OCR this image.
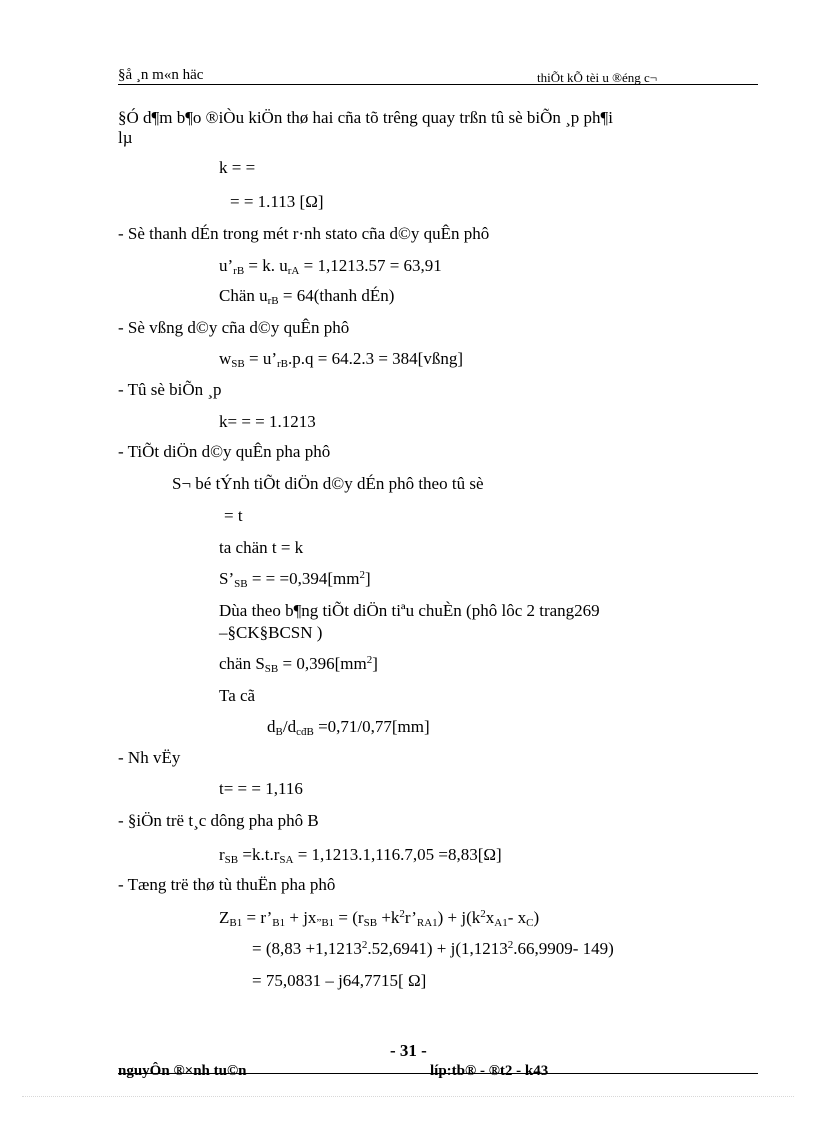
§å ¸n m«n häc	thiÕt kÕ tèi u ®éng c¬
§Ó d¶m b¶o ®iÒu kiÖn thø hai cña tõ trêng quay trßn tû sè biÕn ¸p ph¶i
lµ
k = =
= = 1.113 [Ω]
- Sè thanh dÉn trong mét r·nh stato cña d©y quÊn phô
$u’_{rB} = k$. $u_{rA} = 1,1213.57 = 63,91$
Chän $u_{rB}$ = 64(thanh dÉn)
- Sè vßng d©y cña d©y quÊn phô
$w_{SB}$ = $u’_{rB}.p.q = 64.2.3$ = 384[vßng]
- Tû sè biÕn ¸p
k= = = 1.1213
- TiÕt diÖn d©y quÊn pha phô
S¬ bé tÝnh tiÕt diÖn d©y dÉn phô theo tû sè
= t
ta chän t = k
$S’_{SB}$ = = $=0,394[mm^2]$
Dùa theo b¶ng tiÕt diÖn tiªu chuÈn (phô lôc 2 trang269
–§CK§BCSN )
chän $S_{SB} = 0,396[mm^2]$
Ta cã
$d_B/d_{cđB} =0,71/0,77[mm]$
- Nh vËy
t= = = 1,116
- §iÖn trë t¸c dông pha phô B
$r_{SB} =k.t.r_{SA} = 1,1213.1,116.7,05 =8,83[\Omega]$
- Tæng trë thø tù thuËn pha phô
$Z_{B1}$ = $r’_{B1} + jx_{”B1} = (r_{SB}$ $+k^2r’_{RA1}) + j(k^2x_{A1}-$ $x_C$)
= $(8,83 +1,1213^2.52,6941) + j(1,1213^2.66,9909-$ 149)
= 75,0831 – j64,7715[ Ω]
- 31 -
nguyÔn ®×nh tu©n	líp:tb® - ®t2 - k43
